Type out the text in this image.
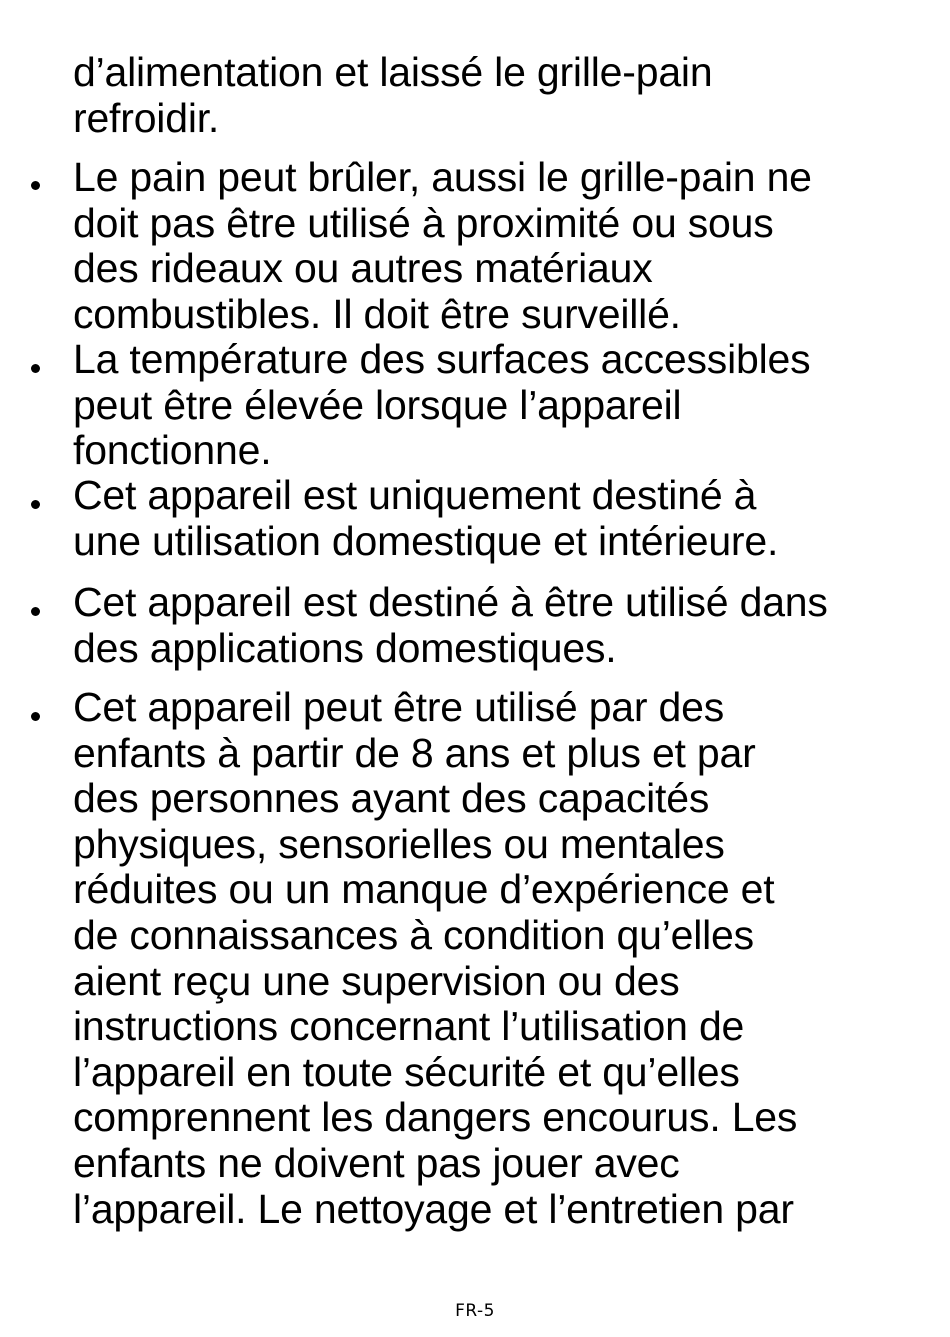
d’alimentation et laissé le grille-pain
refroidir.
Le pain peut brûler, aussi le grille-pain ne
doit pas être utilisé à proximité ou sous
des rideaux ou autres matériaux
combustibles. Il doit être surveillé.
La température des surfaces accessibles
peut être élevée lorsque l’appareil
fonctionne.
Cet appareil est uniquement destiné à
une utilisation domestique et intérieure.
Cet appareil est destiné à être utilisé dans
des applications domestiques.
Cet appareil peut être utilisé par des
enfants à partir de 8 ans et plus et par
des personnes ayant des capacités
physiques, sensorielles ou mentales
réduites ou un manque d’expérience et
de connaissances à condition qu’elles
aient reçu une supervision ou des
instructions concernant l’utilisation de
l’appareil en toute sécurité et qu’elles
comprennent les dangers encourus. Les
enfants ne doivent pas jouer avec
l’appareil. Le nettoyage et l’entretien par
FR-5
